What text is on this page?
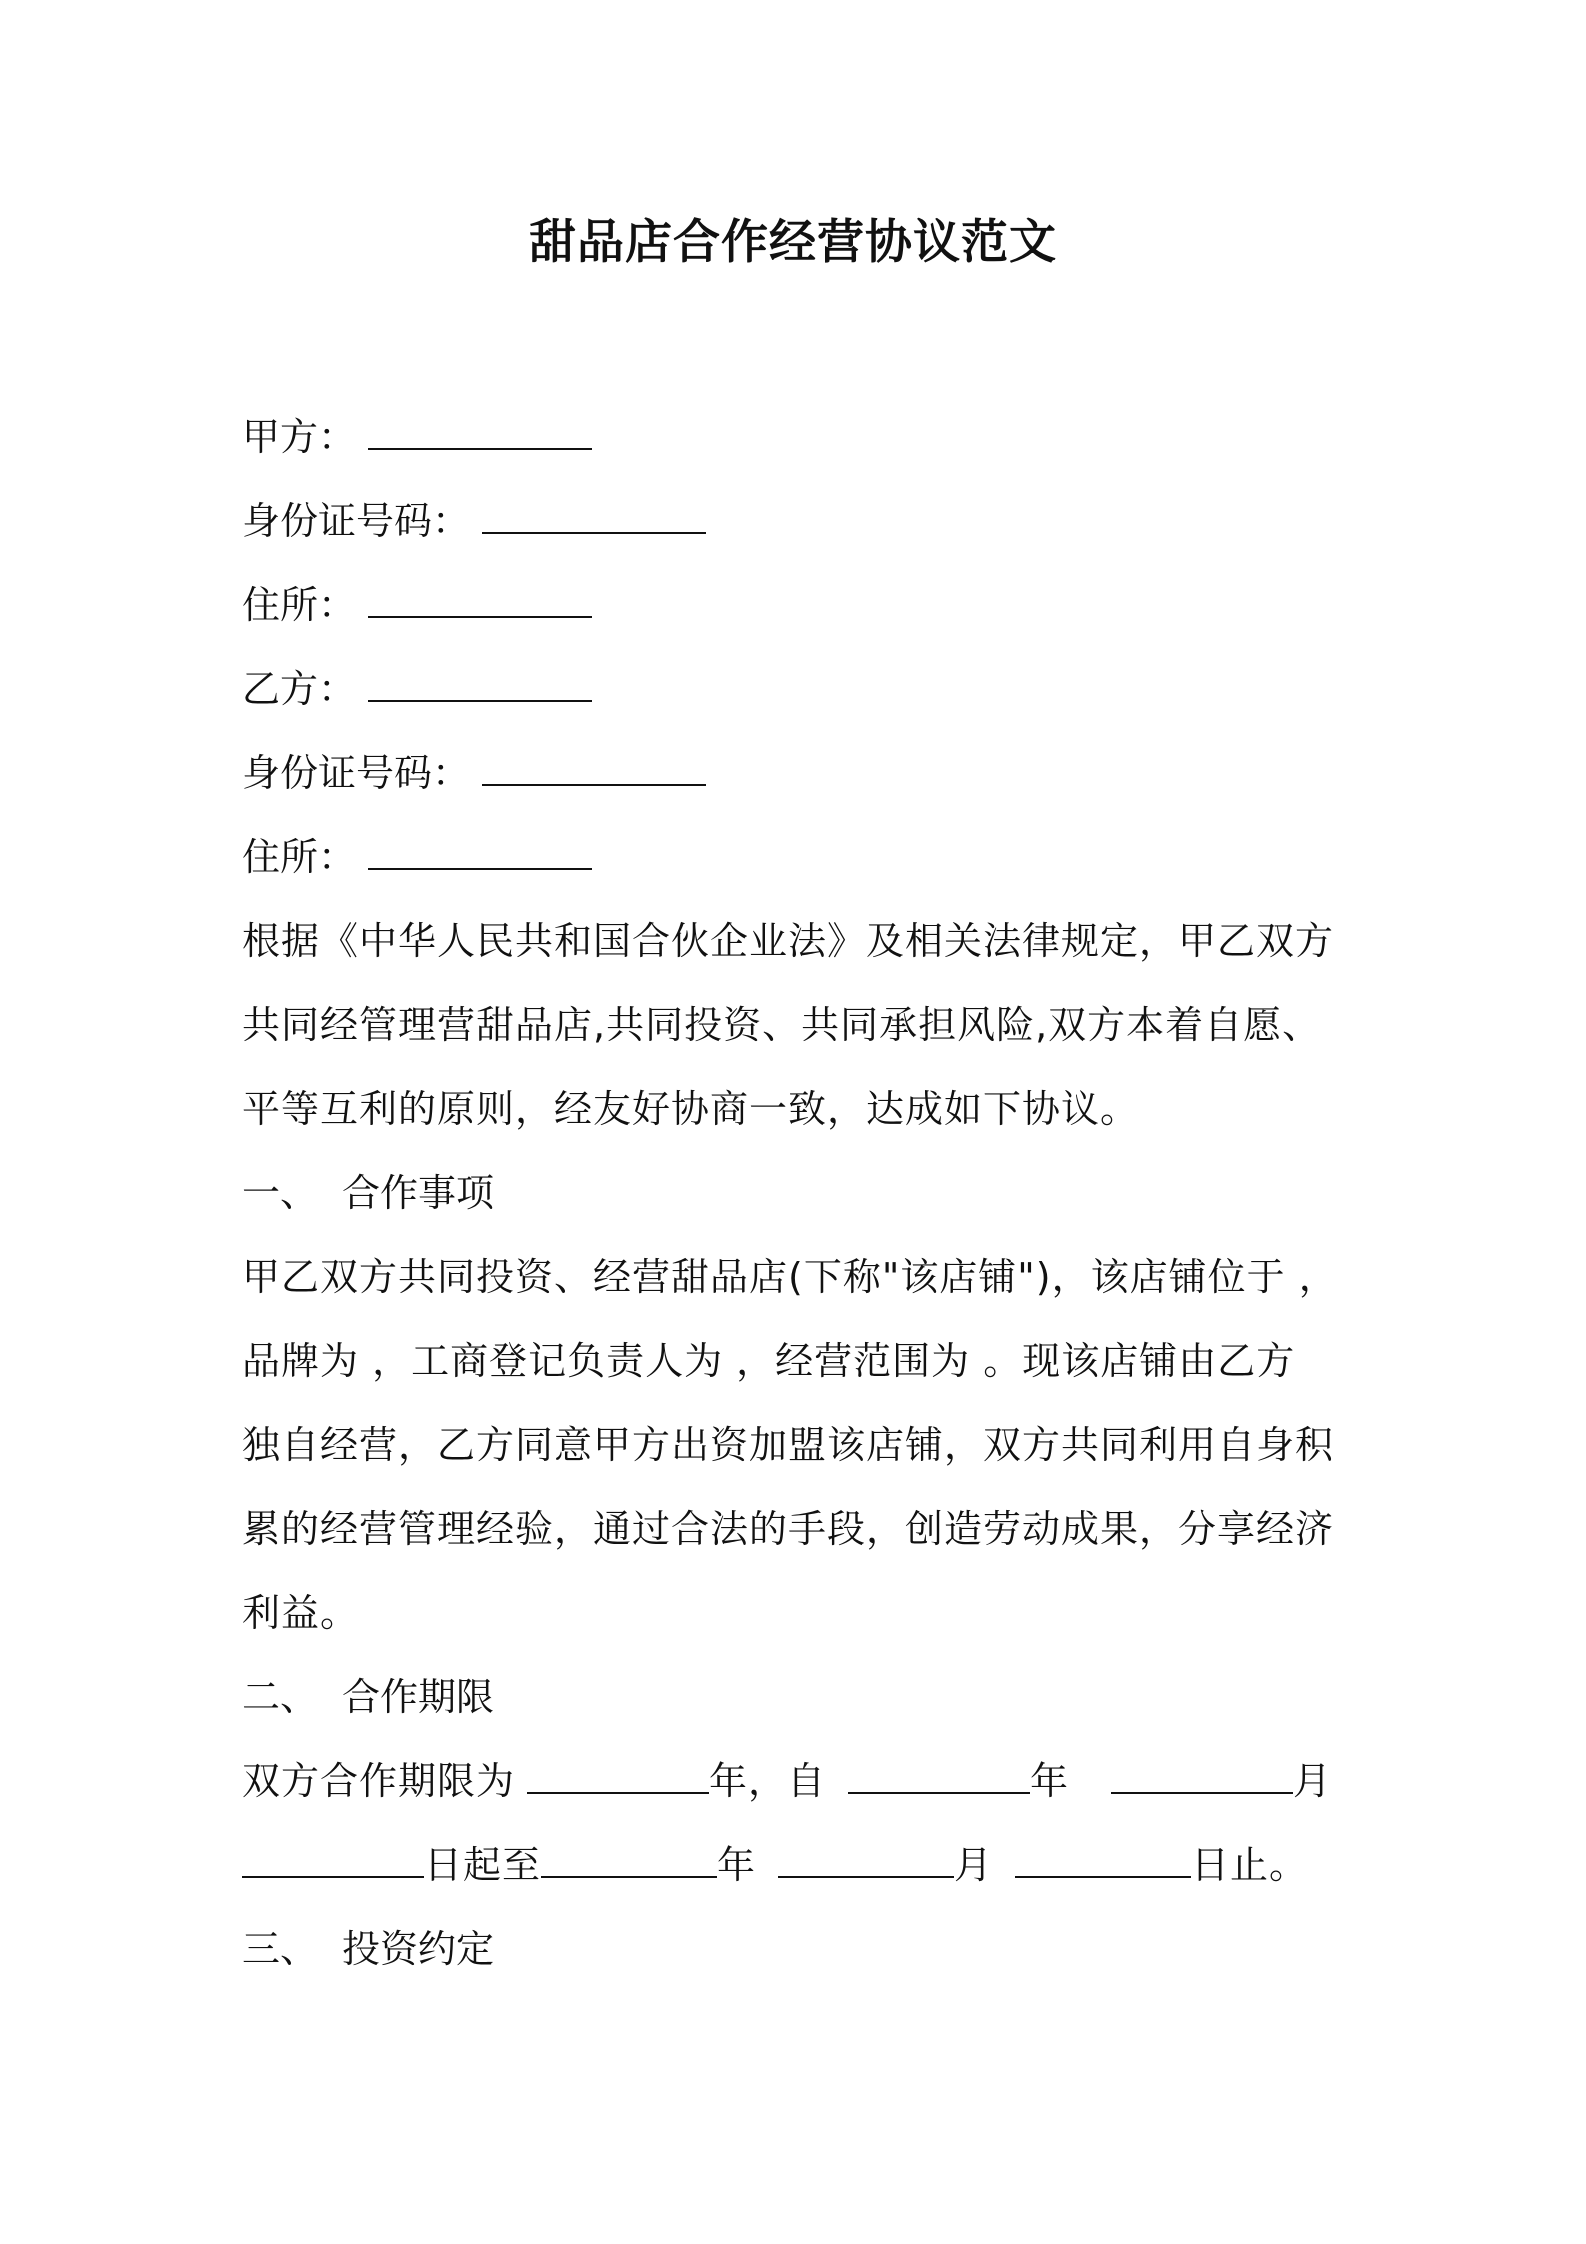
甜品店合作经营协议范文
甲方：
身份证号码：
住所：
乙方：
身份证号码：
住所：
根据《中华人民共和国合伙企业法》及相关法律规定，甲乙双方
共同经管理营甜品店,共同投资、共同承担风险,双方本着自愿、
平等互利的原则，经友好协商一致，达成如下协议。
一、 合作事项
甲乙双方共同投资、经营甜品店(下称"该店铺")，该店铺位于 ，
品牌为 ，工商登记负责人为 ，经营范围为 。现该店铺由乙方
独自经营，乙方同意甲方出资加盟该店铺，双方共同利用自身积
累的经营管理经验，通过合法的手段，创造劳动成果，分享经济
利益。
二、 合作期限
双方合作期限为	年，自	年	月
日起至	年	月	日止。
三、 投资约定
